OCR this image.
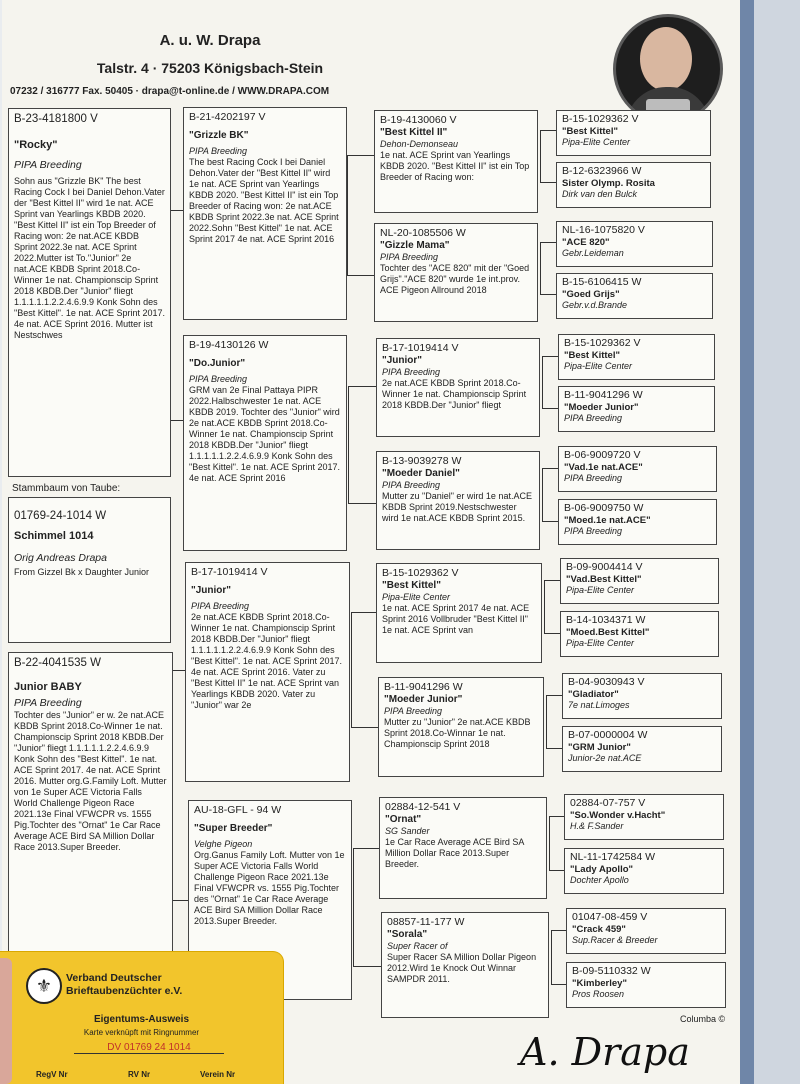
A. u. W. Drapa
Talstr. 4 · 75203 Königsbach-Stein
07232 / 316777 Fax. 50405 · drapa@t-online.de / WWW.DRAPA.COM
B-23-4181800 V
"Rocky"
PIPA Breeding
Sohn aus "Grizzle BK" The best Racing Cock I bei Daniel Dehon.Vater der "Best Kittel II" wird 1e nat. ACE Sprint van Yearlings KBDB 2020. "Best Kittel II" ist ein Top Breeder of Racing won: 2e nat.ACE KBDB Sprint 2022.3e nat. ACE Sprint 2022.Mutter ist To."Junior" 2e nat.ACE KBDB Sprint 2018.Co-Winner 1e nat. Championscip Sprint 2018 KBDB.Der "Junior" fliegt 1.1.1.1.1.2.2.4.6.9.9 Konk Sohn des "Best Kittel". 1e nat. ACE Sprint 2017. 4e nat. ACE Sprint 2016. Mutter ist Nestschwes
Stammbaum von Taube:
01769-24-1014 W
Schimmel 1014
Orig Andreas Drapa
From Gizzel Bk x Daughter Junior
B-22-4041535 W
Junior BABY
PIPA Breeding
Tochter des "Junior" er w. 2e nat.ACE KBDB Sprint 2018.Co-Winner 1e nat. Championscip Sprint 2018 KBDB.Der "Junior" fliegt 1.1.1.1.1.2.2.4.6.9.9 Konk Sohn des "Best Kittel". 1e nat. ACE Sprint 2017. 4e nat. ACE Sprint 2016. Mutter org.G.Family Loft. Mutter von 1e Super ACE Victoria Falls World Challenge Pigeon Race 2021.13e Final VFWCPR vs. 1555 Pig.Tochter des "Ornat" 1e Car Race Average ACE Bird SA Million Dollar Race 2013.Super Breeder.
B-21-4202197 V
"Grizzle BK"
PIPA Breeding
The best Racing Cock I bei Daniel Dehon.Vater der "Best Kittel II" wird 1e nat. ACE Sprint van Yearlings KBDB 2020. "Best Kittel II" ist ein Top Breeder of Racing won: 2e nat.ACE KBDB Sprint 2022.3e nat. ACE Sprint 2022.Sohn "Best Kittel" 1e nat. ACE Sprint 2017 4e nat. ACE Sprint 2016
B-19-4130126 W
"Do.Junior"
PIPA Breeding
GRM van 2e Final Pattaya PIPR 2022.Halbschwester 1e nat. ACE KBDB 2019. Tochter des "Junior" wird 2e nat.ACE KBDB Sprint 2018.Co-Winner 1e nat. Championscip Sprint 2018 KBDB.Der "Junior" fliegt 1.1.1.1.1.2.2.4.6.9.9 Konk Sohn des "Best Kittel". 1e nat. ACE Sprint 2017. 4e nat. ACE Sprint 2016
B-17-1019414 V
"Junior"
PIPA Breeding
2e nat.ACE KBDB Sprint 2018.Co-Winner 1e nat. Championscip Sprint 2018 KBDB.Der "Junior" fliegt 1.1.1.1.1.2.2.4.6.9.9 Konk Sohn des "Best Kittel". 1e nat. ACE Sprint 2017. 4e nat. ACE Sprint 2016. Vater zu "Best Kittel II" 1e nat. ACE Sprint van Yearlings KBDB 2020. Vater zu "Junior" war 2e
AU-18-GFL - 94 W
"Super Breeder"
Velghe Pigeon
Org.Ganus Family Loft. Mutter von 1e Super ACE Victoria Falls World Challenge Pigeon Race 2021.13e Final VFWCPR vs. 1555 Pig.Tochter des "Ornat" 1e Car Race Average ACE Bird SA Million Dollar Race 2013.Super Breeder.
B-19-4130060 V
"Best Kittel II"
Dehon-Demonseau
1e nat. ACE Sprint van Yearlings KBDB 2020. "Best Kittel II" ist ein Top Breeder of Racing won:
NL-20-1085506 W
"Gizzle Mama"
PIPA Breeding
Tochter des "ACE 820" mit der "Goed Grijs"."ACE 820" wurde 1e int.prov. ACE Pigeon Allround 2018
B-17-1019414 V
"Junior"
PIPA Breeding
2e nat.ACE KBDB Sprint 2018.Co-Winner 1e nat. Championscip Sprint 2018 KBDB.Der "Junior" fliegt
B-13-9039278 W
"Moeder Daniel"
PIPA Breeding
Mutter zu "Daniel" er wird 1e nat.ACE KBDB Sprint 2019.Nestschwester wird 1e nat.ACE KBDB Sprint 2015.
B-15-1029362 V
"Best Kittel"
Pipa-Elite Center
1e nat. ACE Sprint 2017 4e nat. ACE Sprint 2016 Vollbruder "Best Kittel II" 1e nat. ACE Sprint van
B-11-9041296 W
"Moeder Junior"
PIPA Breeding
Mutter zu "Junior" 2e nat.ACE KBDB Sprint 2018.Co-Winnar 1e nat. Championscip Sprint 2018
02884-12-541 V
"Ornat"
SG Sander
1e Car Race Average ACE Bird SA Million Dollar Race 2013.Super Breeder.
08857-11-177 W
"Sorala"
Super Racer of
Super Racer SA Million Dollar Pigeon 2012.Wird 1e Knock Out Winnar SAMPDR 2011.
B-15-1029362 V
"Best Kittel"
Pipa-Elite Center
B-12-6323966 W
Sister Olymp. Rosita
Dirk van den Bulck
NL-16-1075820 V
"ACE 820"
Gebr.Leideman
B-15-6106415 W
"Goed Grijs"
Gebr.v.d.Brande
B-15-1029362 V
"Best Kittel"
Pipa-Elite Center
B-11-9041296 W
"Moeder Junior"
PIPA Breeding
B-06-9009720 V
"Vad.1e nat.ACE"
PIPA Breeding
B-06-9009750 W
"Moed.1e nat.ACE"
PIPA Breeding
B-09-9004414 V
"Vad.Best Kittel"
Pipa-Elite Center
B-14-1034371 W
"Moed.Best Kittel"
Pipa-Elite Center
B-04-9030943 V
"Gladiator"
7e nat.Limoges
B-07-0000004 W
"GRM Junior"
Junior-2e nat.ACE
02884-07-757 V
"So.Wonder v.Hacht"
H.& F.Sander
NL-11-1742584 W
"Lady Apollo"
Dochter Apollo
01047-08-459 V
"Crack 459"
Sup.Racer & Breeder
B-09-5110332 W
"Kimberley"
Pros Roosen
Columba ©
A. Drapa
⚜	Verband Deutscher
Brieftaubenzüchter e.V.
Eigentums-Ausweis
Karte verknüpft mit Ringnummer
DV 01769 24 1014
RegV Nr	RV Nr	Verein Nr
